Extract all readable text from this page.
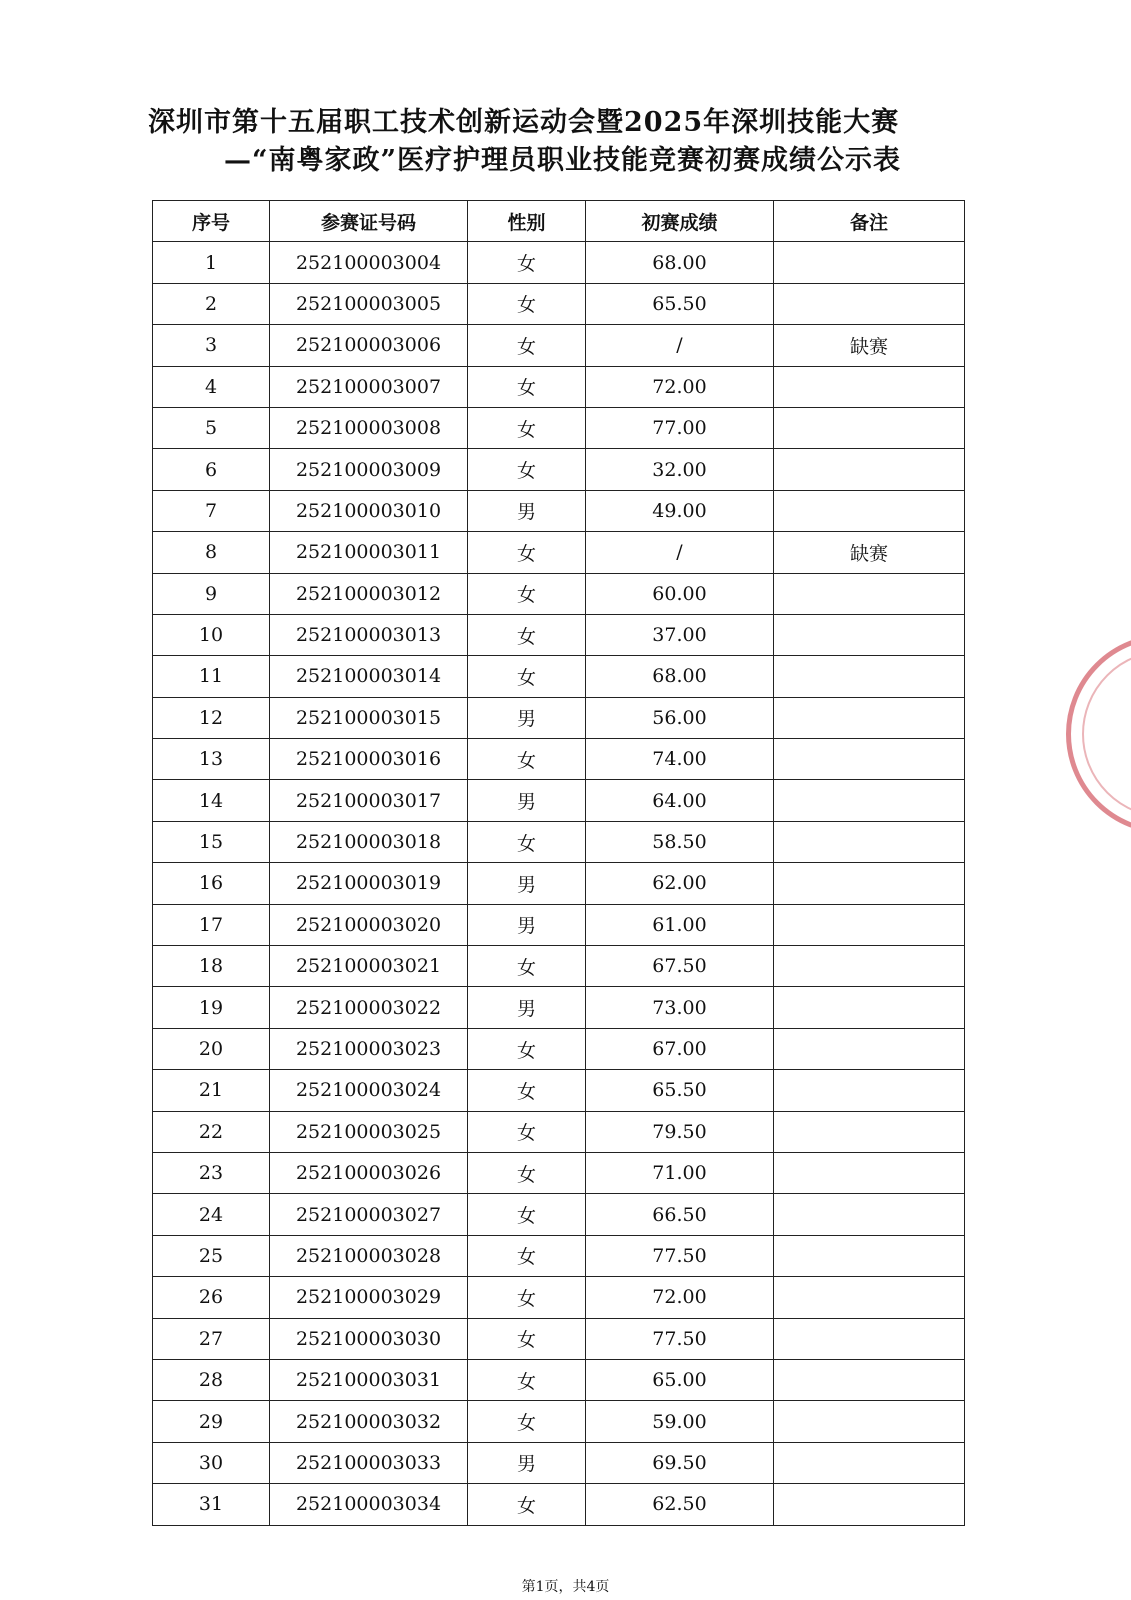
深圳市第十五届职工技术创新运动会暨2025年深圳技能大赛
—“南粤家政”医疗护理员职业技能竞赛初赛成绩公示表
序号	参赛证号码	性别	初赛成绩	备注
1	252100003004	女	68.00	
2	252100003005	女	65.50	
3	252100003006	女	/	缺赛
4	252100003007	女	72.00	
5	252100003008	女	77.00	
6	252100003009	女	32.00	
7	252100003010	男	49.00	
8	252100003011	女	/	缺赛
9	252100003012	女	60.00	
10	252100003013	女	37.00	
11	252100003014	女	68.00	
12	252100003015	男	56.00	
13	252100003016	女	74.00	
14	252100003017	男	64.00	
15	252100003018	女	58.50	
16	252100003019	男	62.00	
17	252100003020	男	61.00	
18	252100003021	女	67.50	
19	252100003022	男	73.00	
20	252100003023	女	67.00	
21	252100003024	女	65.50	
22	252100003025	女	79.50	
23	252100003026	女	71.00	
24	252100003027	女	66.50	
25	252100003028	女	77.50	
26	252100003029	女	72.00	
27	252100003030	女	77.50	
28	252100003031	女	65.00	
29	252100003032	女	59.00	
30	252100003033	男	69.50	
31	252100003034	女	62.50	
第1页，共4页
